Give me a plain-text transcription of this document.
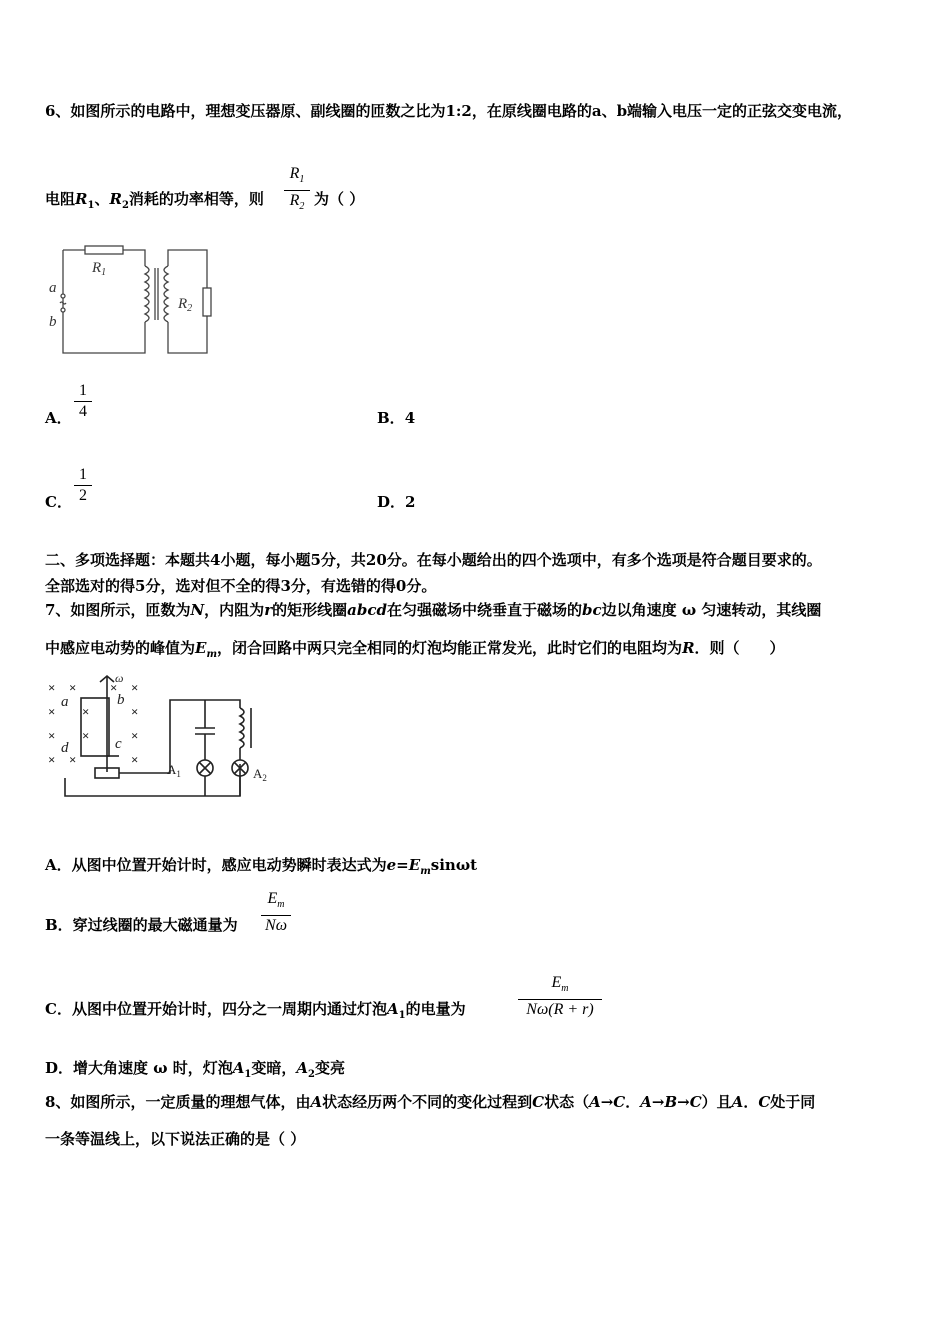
6、如图所示的电路中，理想变压器原、副线圈的匝数之比为1:2，在原线圈电路的a、b端输入电压一定的正弦交变电流，
电阻$R_1$、$R_2$消耗的功率相等，则
$R_1$
$R_2$ 为（ ）
$R_1$
$R_2$
a
b
A．
1
4	B．4
C．
1
2	D．2
二、多项选择题：本题共4小题，每小题5分，共20分。在每小题给出的四个选项中，有多个选项是符合题目要求的。
全部选对的得5分，选对但不全的得3分，有选错的得0分。
7、如图所示，匝数为N，内阻为r的矩形线圈abcd在匀强磁场中绕垂直于磁场的bc边以角速度 ω 匀速转动，其线圈
中感应电动势的峰值为$E_m$，闭合回路中两只完全相同的灯泡均能正常发光，此时它们的电阻均为R．则（　　）
× ×	× ×
×	×
×	×
× ×	×
×
×
a	b
c
d
ω
$A_1$	$A_2$
A．从图中位置开始计时，感应电动势瞬时表达式为$e=E_m\sin\omega t$
B．穿过线圈的最大磁通量为
$E_m$
Nω
C．从图中位置开始计时，四分之一周期内通过灯泡$A_1$的电量为
$E_m$
Nω(R + r)
D．增大角速度 ω 时，灯泡$A_1$变暗，$A_2$变亮
8、如图所示，一定质量的理想气体，由A状态经历两个不同的变化过程到C状态（A→C．A→B→C）且A．C处于同
一条等温线上，以下说法正确的是（ ）
